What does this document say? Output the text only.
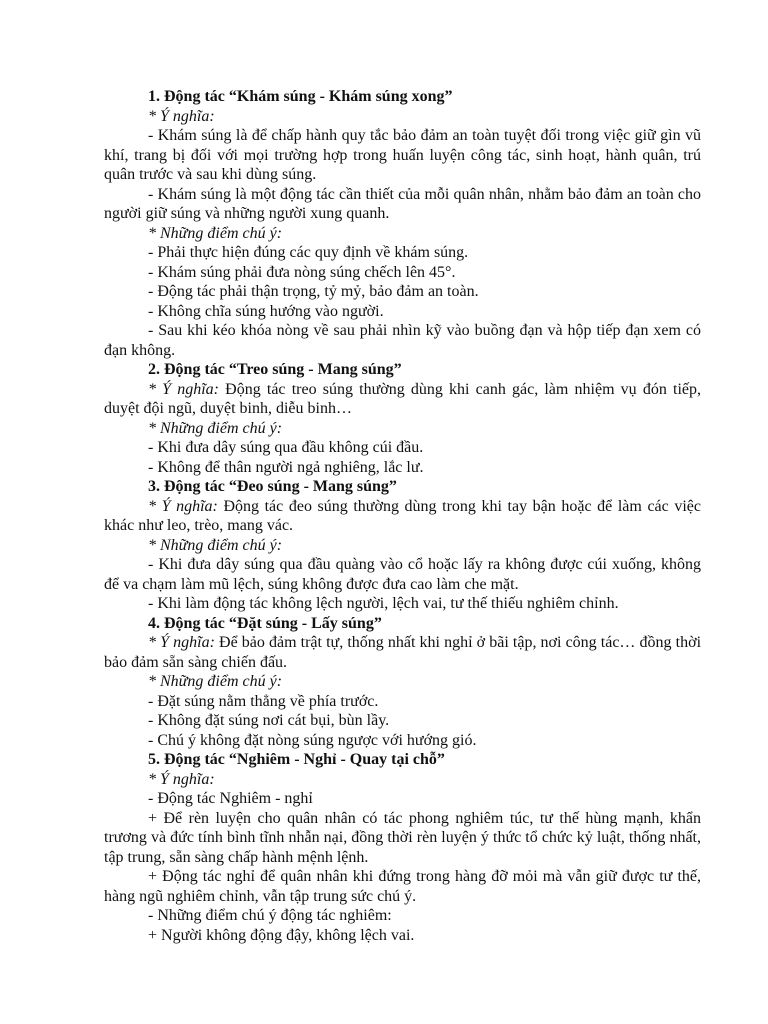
1. Động tác “Khám súng - Khám súng xong”
* Ý nghĩa:
- Khám súng là để chấp hành quy tắc bảo đảm an toàn tuyệt đối trong việc giữ gìn vũ khí, trang bị đối với mọi trường hợp trong huấn luyện công tác, sinh hoạt, hành quân, trú quân trước và sau khi dùng súng.
- Khám súng là một động tác cần thiết của mỗi quân nhân, nhằm bảo đảm an toàn cho người giữ súng và những người xung quanh.
* Những điểm chú ý:
- Phải thực hiện đúng các quy định về khám súng.
- Khám súng phải đưa nòng súng chếch lên 45°.
- Động tác phải thận trọng, tỷ mỷ, bảo đảm an toàn.
- Không chĩa súng hướng vào người.
- Sau khi kéo khóa nòng về sau phải nhìn kỹ vào buồng đạn và hộp tiếp đạn xem có đạn không.
2. Động tác “Treo súng - Mang súng”
* Ý nghĩa: Động tác treo súng thường dùng khi canh gác, làm nhiệm vụ đón tiếp, duyệt đội ngũ, duyệt binh, diễu binh…
* Những điểm chú ý:
- Khi đưa dây súng qua đầu không cúi đầu.
- Không để thân người ngả nghiêng, lắc lư.
3. Động tác “Đeo súng - Mang súng”
* Ý nghĩa: Động tác đeo súng thường dùng trong khi tay bận hoặc để làm các việc khác như leo, trèo, mang vác.
* Những điểm chú ý:
- Khi đưa dây súng qua đầu quàng vào cổ hoặc lấy ra không được cúi xuống, không để va chạm làm mũ lệch, súng không được đưa cao làm che mặt.
- Khi làm động tác không lệch người, lệch vai, tư thế thiếu nghiêm chỉnh.
4. Động tác “Đặt súng - Lấy súng”
* Ý nghĩa: Để bảo đảm trật tự, thống nhất khi nghỉ ở bãi tập, nơi công tác… đồng thời bảo đảm sẵn sàng chiến đấu.
* Những điểm chú ý:
- Đặt súng nằm thẳng về phía trước.
- Không đặt súng nơi cát bụi, bùn lầy.
- Chú ý không đặt nòng súng ngược với hướng gió.
5. Động tác “Nghiêm - Nghỉ - Quay tại chỗ”
* Ý nghĩa:
- Động tác Nghiêm - nghỉ
+ Để rèn luyện cho quân nhân có tác phong nghiêm túc, tư thế hùng mạnh, khẩn trương và đức tính bình tĩnh nhẫn nại, đồng thời rèn luyện ý thức tổ chức kỷ luật, thống nhất, tập trung, sẵn sàng chấp hành mệnh lệnh.
+ Động tác nghỉ để quân nhân khi đứng trong hàng đỡ mỏi mà vẫn giữ được tư thế, hàng ngũ nghiêm chỉnh, vẫn tập trung sức chú ý.
- Những điểm chú ý động tác nghiêm:
+ Người không động đậy, không lệch vai.
